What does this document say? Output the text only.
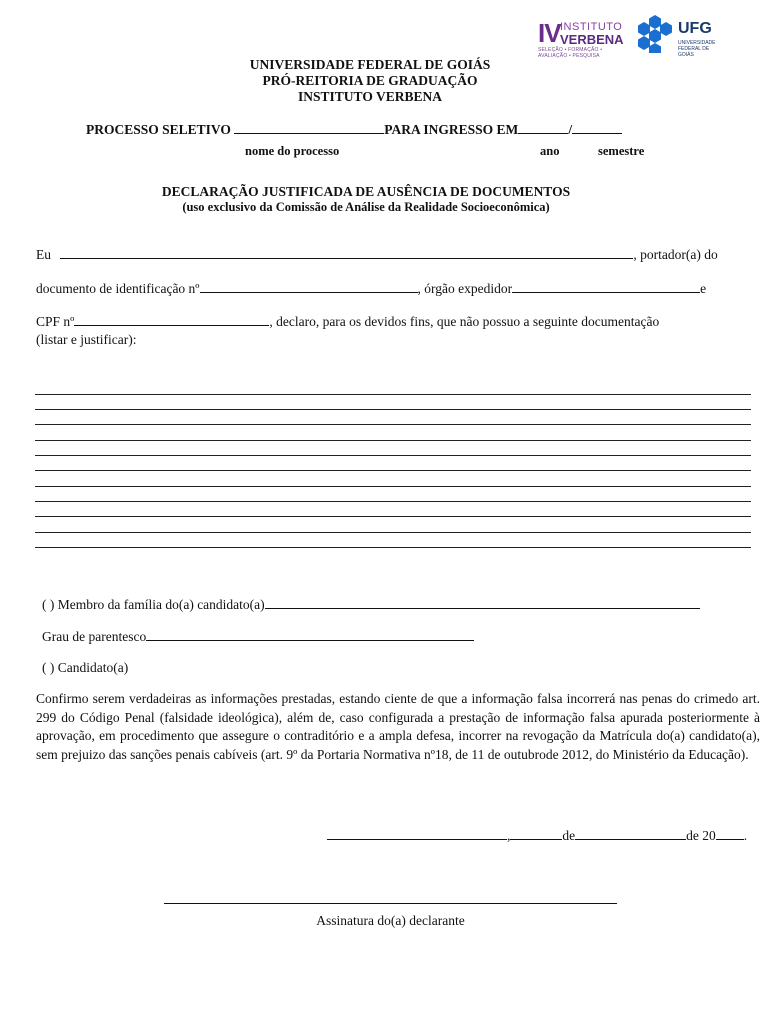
IV INSTITUTO
VERBENA
SELEÇÃO • FORMAÇÃO • AVALIAÇÃO • PESQUISA
UFG
UNIVERSIDADE FEDERAL DE GOIÁS
UNIVERSIDADE FEDERAL DE GOIÁS
PRÓ-REITORIA DE GRADUAÇÃO
INSTITUTO VERBENA
PROCESSO SELETIVO	PARA INGRESSO EM	/
nome do processo	ano	semestre
DECLARAÇÃO JUSTIFICADA DE AUSÊNCIA DE DOCUMENTOS
(uso exclusivo da Comissão de Análise da Realidade Socioeconômica)
Eu	, portador(a) do
documento de identificação nº	, órgão expedidor	e
CPF nº	, declaro, para os devidos fins, que não possuo a seguinte documentação
(listar e justificar):
( ) Membro da família do(a) candidato(a)
Grau de parentesco
( ) Candidato(a)
Confirmo serem verdadeiras as informações prestadas, estando ciente de que a informação falsa incorrerá nas penas do crimedo art. 299 do Código Penal (falsidade ideológica), além de, caso configurada a prestação de informação falsa apurada posteriormente à aprovação, em procedimento que assegure o contraditório e a ampla defesa, incorrer na revogação da Matrícula do(a) candidato(a), sem prejuizo das sanções penais cabíveis (art. 9º da Portaria Normativa nº18, de 11 de outubrode 2012, do Ministério da Educação).
,	de	de 20 .
Assinatura do(a) declarante
